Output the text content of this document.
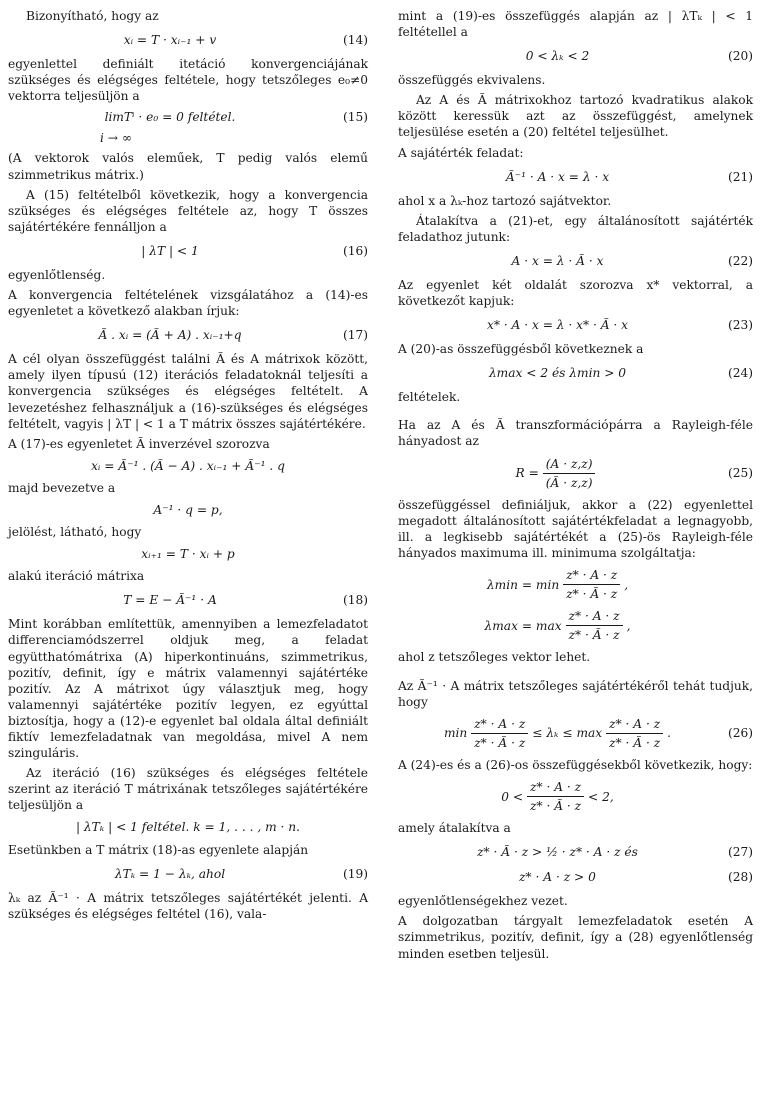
Bizonyítható, hogy az

xᵢ = T · xᵢ₋₁ + v	(14)

egyenlettel definiált itetáció konvergenciájának szükséges és elégséges feltétele, hogy tetszőleges e₀≠0 vektorra teljesüljön a

limTⁱ · e₀ = 0 feltétel.	(15)
i → ∞

(A vektorok valós eleműek, T pedig valós elemű szimmetrikus mátrix.)

A (15) feltételből következik, hogy a konvergencia szükséges és elégséges feltétele az, hogy T összes sajátértékére fennálljon a

| λT | < 1	(16)

egyenlőtlenség.

A konvergencia feltételének vizsgálatához a (14)-es egyenletet a következő alakban írjuk:

Ã . xᵢ = (Ã + A) . xᵢ₋₁+q	(17)

A cél olyan összefüggést találni Ã és A mátrixok között, amely ilyen típusú (12) iterációs feladatoknál teljesíti a konvergencia szükséges és elégséges feltételt. A levezetéshez felhasználjuk a (16)-szükséges és elégséges feltételt, vagyis | λT | < 1 a T mátrix összes sajátértékére.

A (17)-es egyenletet Ã inverzével szorozva

xᵢ = Ã⁻¹ . (Ã − A) . xᵢ₋₁ + Ã⁻¹ . q

majd bevezetve a

A⁻¹ · q = p,

jelölést, látható, hogy

xᵢ₊₁ = T · xᵢ + p

alakú iteráció mátrixa

T = E − Ã⁻¹ · A	(18)

Mint korábban említettük, amennyiben a lemezfeladatot differenciamódszerrel oldjuk meg, a feladat együtthatómátrixa (A) hiperkontinuáns, szimmetrikus, pozitív, definit, így e mátrix valamennyi sajátértéke pozitív. Az A mátrixot úgy választjuk meg, hogy valamennyi sajátértéke pozitív legyen, ez egyúttal biztosítja, hogy a (12)-e egyenlet bal oldala által definiált fiktív lemezfeladatnak van megoldása, mivel A nem szinguláris.

Az iteráció (16) szükséges és elégséges feltétele szerint az iteráció T mátrixának tetszőleges sajátértékére teljesüljön a

| λTₖ | < 1 feltétel. k = 1, . . . , m · n.

Esetünkben a T mátrix (18)-as egyenlete alapján

λTₖ = 1 − λₖ, ahol	(19)

λₖ az Ã⁻¹ · A mátrix tetszőleges sajátértékét jelenti. A szükséges és elégséges feltétel (16), vala-

mint a (19)-es összefüggés alapján az | λTₖ | < 1 feltétellel a

0 < λₖ < 2	(20)

összefüggés ekvivalens.

Az A és Ã mátrixokhoz tartozó kvadratikus alakok között keressük azt az összefüggést, amelynek teljesülése esetén a (20) feltétel teljesülhet.

A sajátérték feladat:

Ã⁻¹ · A · x = λ · x	(21)

ahol x a λₖ-hoz tartozó sajátvektor.

Átalakítva a (21)-et, egy általánosított sajátérték feladathoz jutunk:

A · x = λ · Ã · x	(22)

Az egyenlet két oldalát szorozva x* vektorral, a következőt kapjuk:

x* · A · x = λ · x* · Ã · x	(23)

A (20)-as összefüggésből következnek a

λmax < 2 és λmin > 0	(24)

feltételek.

Ha az A és Ã transzformációpárra a Rayleigh-féle hányadost az

$R = \frac{(A \cdot z,z)}{(Ã \cdot z,z)}$	(25)

összefüggéssel definiáljuk, akkor a (22) egyenlettel megadott általánosított sajátértékfeladat a legnagyobb, ill. a legkisebb sajátértékét a (25)-ös Rayleigh-féle hányados maximuma ill. minimuma szolgáltatja:

$\lambda\min = \min \frac{z* \cdot A \cdot z}{z* \cdot Ã \cdot z}$ ,
$\lambda\max = \max \frac{z* \cdot A \cdot z}{z* \cdot Ã \cdot z}$ ,

ahol z tetszőleges vektor lehet.

Az Ã⁻¹ · A mátrix tetszőleges sajátértékéről tehát tudjuk, hogy

$\min \frac{z* \cdot A \cdot z}{z* \cdot Ã \cdot z} \le \lambda_k \le \max \frac{z* \cdot A \cdot z}{z* \cdot Ã \cdot z}$ .	(26)

A (24)-es és a (26)-os összefüggésekből következik, hogy:

$0 < \frac{z* \cdot A \cdot z}{z* \cdot Ã \cdot z} < 2$,

amely átalakítva a

z* · Ã · z > ½ · z* · A · z és	(27)
z* · A · z > 0	(28)

egyenlőtlenségekhez vezet.

A dolgozatban tárgyalt lemezfeladatok esetén A szimmetrikus, pozitív, definit, így a (28) egyenlőtlenség minden esetben teljesül.
